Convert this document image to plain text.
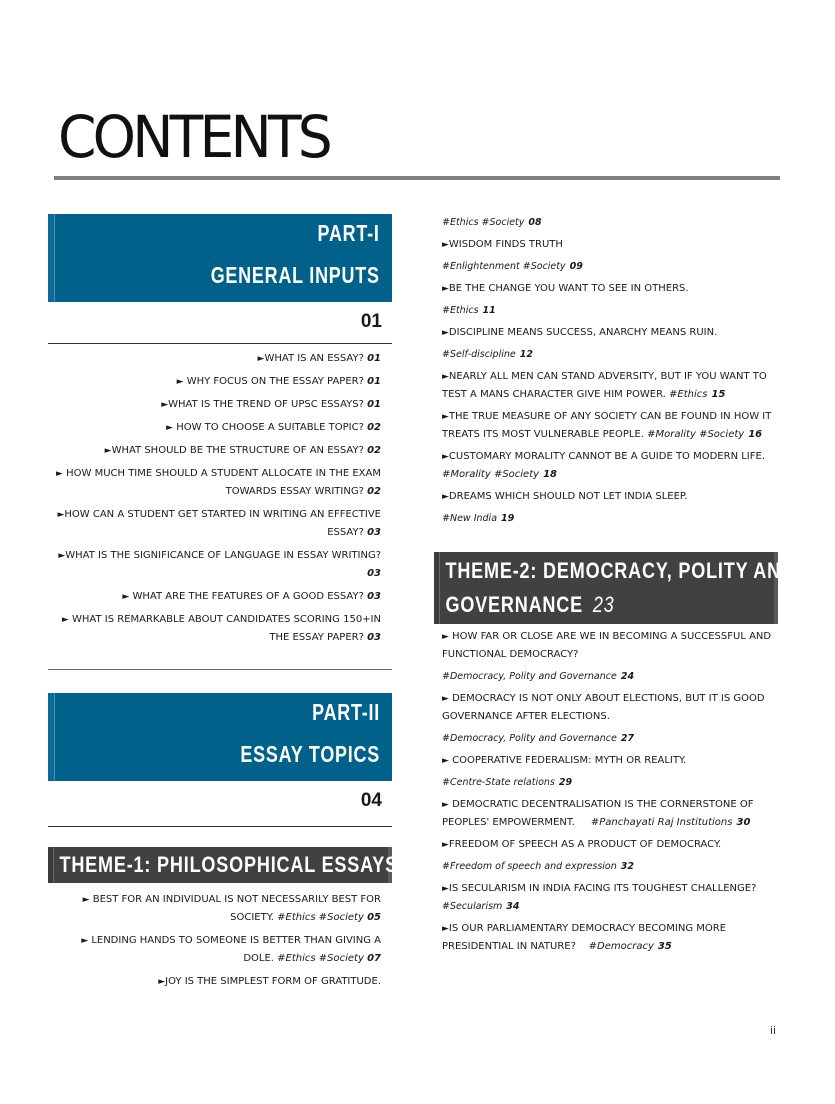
CONTENTS
PART-I
GENERAL INPUTS
01
►WHAT IS AN ESSAY? 01
► WHY FOCUS ON THE ESSAY PAPER? 01
►WHAT IS THE TREND OF UPSC ESSAYS? 01
► HOW TO CHOOSE A SUITABLE TOPIC? 02
►WHAT SHOULD BE THE STRUCTURE OF AN ESSAY? 02
► HOW MUCH TIME SHOULD A STUDENT ALLOCATE IN THE EXAM TOWARDS ESSAY WRITING? 02
►HOW CAN A STUDENT GET STARTED IN WRITING AN EFFECTIVE ESSAY? 03
►WHAT IS THE SIGNIFICANCE OF LANGUAGE IN ESSAY WRITING? 03
► WHAT ARE THE FEATURES OF A GOOD ESSAY? 03
► WHAT IS REMARKABLE ABOUT CANDIDATES SCORING 150+IN THE ESSAY PAPER? 03
PART-II
ESSAY TOPICS
04
THEME-1: PHILOSOPHICAL ESSAYS 05
► BEST FOR AN INDIVIDUAL IS NOT NECESSARILY BEST FOR SOCIETY. #Ethics #Society 05
► LENDING HANDS TO SOMEONE IS BETTER THAN GIVING A DOLE. #Ethics #Society 07
►JOY IS THE SIMPLEST FORM OF GRATITUDE.
#Ethics #Society 08
►WISDOM FINDS TRUTH
#Enlightenment #Society 09
►BE THE CHANGE YOU WANT TO SEE IN OTHERS.
#Ethics 11
►DISCIPLINE MEANS SUCCESS, ANARCHY MEANS RUIN.
#Self-discipline 12
►NEARLY ALL MEN CAN STAND ADVERSITY, BUT IF YOU WANT TO TEST A MANS CHARACTER GIVE HIM POWER. #Ethics 15
►THE TRUE MEASURE OF ANY SOCIETY CAN BE FOUND IN HOW IT TREATS ITS MOST VULNERABLE PEOPLE. #Morality #Society 16
►CUSTOMARY MORALITY CANNOT BE A GUIDE TO MODERN LIFE. #Morality #Society 18
►DREAMS WHICH SHOULD NOT LET INDIA SLEEP.
#New India 19
THEME-2: DEMOCRACY, POLITY AND
GOVERNANCE 23
► HOW FAR OR CLOSE ARE WE IN BECOMING A SUCCESSFUL AND FUNCTIONAL DEMOCRACY?
#Democracy, Polity and Governance 24
► DEMOCRACY IS NOT ONLY ABOUT ELECTIONS, BUT IT IS GOOD GOVERNANCE AFTER ELECTIONS.
#Democracy, Polity and Governance 27
► COOPERATIVE FEDERALISM: MYTH OR REALITY.
#Centre-State relations 29
► DEMOCRATIC DECENTRALISATION IS THE CORNERSTONE OF PEOPLES' EMPOWERMENT. #Panchayati Raj Institutions 30
►FREEDOM OF SPEECH AS A PRODUCT OF DEMOCRACY.
#Freedom of speech and expression 32
►IS SECULARISM IN INDIA FACING ITS TOUGHEST CHALLENGE?
#Secularism 34
►IS OUR PARLIAMENTARY DEMOCRACY BECOMING MORE PRESIDENTIAL IN NATURE? #Democracy 35
ii
